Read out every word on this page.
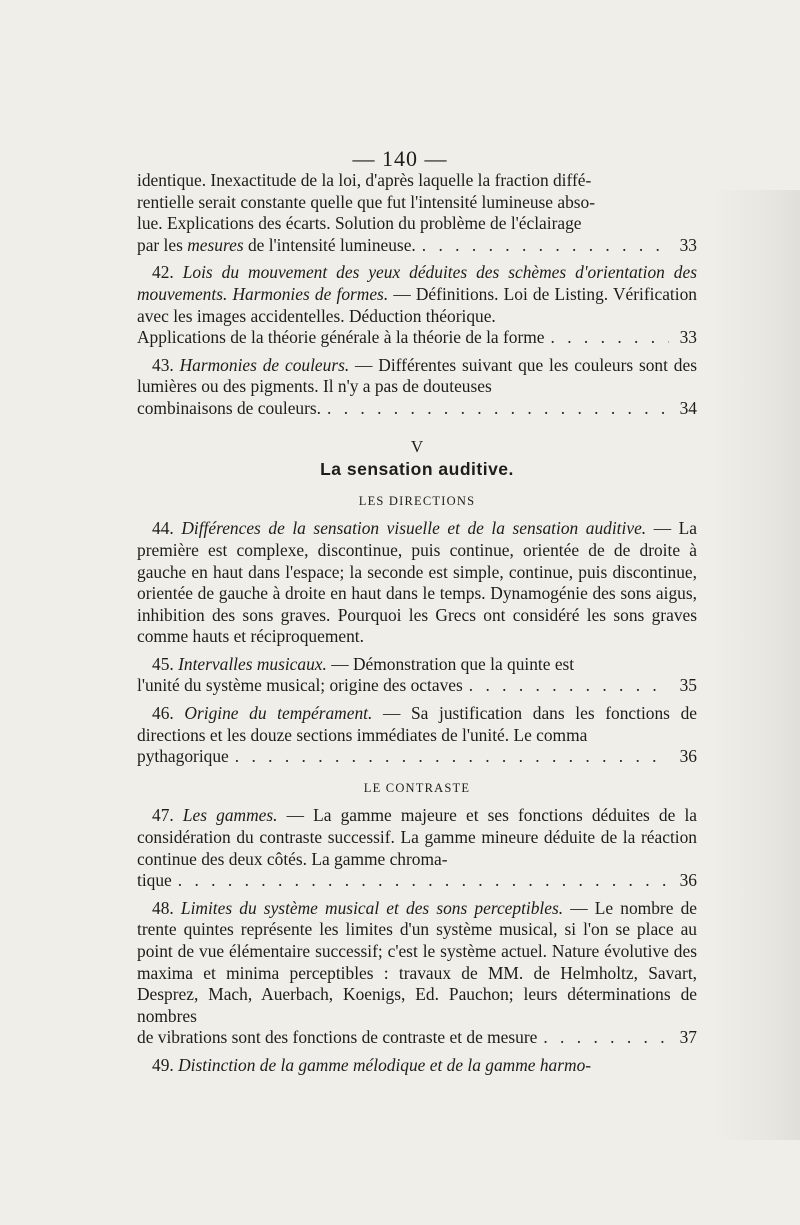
— 140 —

identique. Inexactitude de la loi, d'après laquelle la fraction diffé-

rentielle serait constante quelle que fut l'intensité lumineuse abso-

lue. Explications des écarts. Solution du problème de l'éclairage

par les mesures de l'intensité lumineuse. . . .	33

42. Lois du mouvement des yeux déduites des schèmes d'orientation des mouvements. Harmonies de formes. — Définitions. Loi de Listing. Vérification avec les images accidentelles. Déduction théorique.

Applications de la théorie générale à la théorie de la forme . . .	33

43. Harmonies de couleurs. — Différentes suivant que les couleurs sont des lumières ou des pigments. Il n'y a pas de douteuses

combinaisons de couleurs. . . .	34
V
La sensation auditive.
LES DIRECTIONS

44. Différences de la sensation visuelle et de la sensation auditive. — La première est complexe, discontinue, puis continue, orientée de de droite à gauche en haut dans l'espace; la seconde est simple, continue, puis discontinue, orientée de gauche à droite en haut dans le temps. Dynamogénie des sons aigus, inhibition des sons graves. Pourquoi les Grecs ont considéré les sons graves comme hauts et réciproquement.

45. Intervalles musicaux. — Démonstration que la quinte est

l'unité du système musical; origine des octaves . . .	35

46. Origine du tempérament. — Sa justification dans les fonctions de directions et les douze sections immédiates de l'unité. Le comma

pythagorique . . .	36
LE CONTRASTE

47. Les gammes. — La gamme majeure et ses fonctions déduites de la considération du contraste successif. La gamme mineure déduite de la réaction continue des deux côtés. La gamme chroma-

tique . . .	36

48. Limites du système musical et des sons perceptibles. — Le nombre de trente quintes représente les limites d'un système musical, si l'on se place au point de vue élémentaire successif; c'est le système actuel. Nature évolutive des maxima et minima perceptibles : travaux de MM. de Helmholtz, Savart, Desprez, Mach, Auerbach, Koenigs, Ed. Pauchon; leurs déterminations de nombres

de vibrations sont des fonctions de contraste et de mesure . . .	37

49. Distinction de la gamme mélodique et de la gamme harmo-
